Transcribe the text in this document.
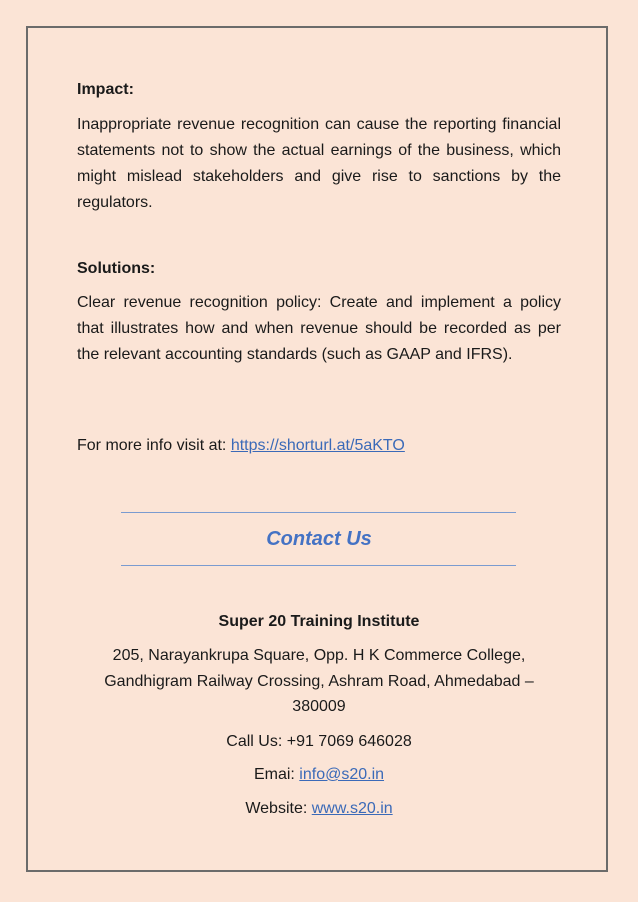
Impact:
Inappropriate revenue recognition can cause the reporting financial statements not to show the actual earnings of the business, which might mislead stakeholders and give rise to sanctions by the regulators.
Solutions:
Clear revenue recognition policy: Create and implement a policy that illustrates how and when revenue should be recorded as per the relevant accounting standards (such as GAAP and IFRS).
For more info visit at: https://shorturl.at/5aKTO
Contact Us
Super 20 Training Institute
205, Narayankrupa Square, Opp. H K Commerce College,
Gandhigram Railway Crossing, Ashram Road, Ahmedabad –
380009
Call Us: +91 7069 646028
Emai: info@s20.in
Website: www.s20.in
